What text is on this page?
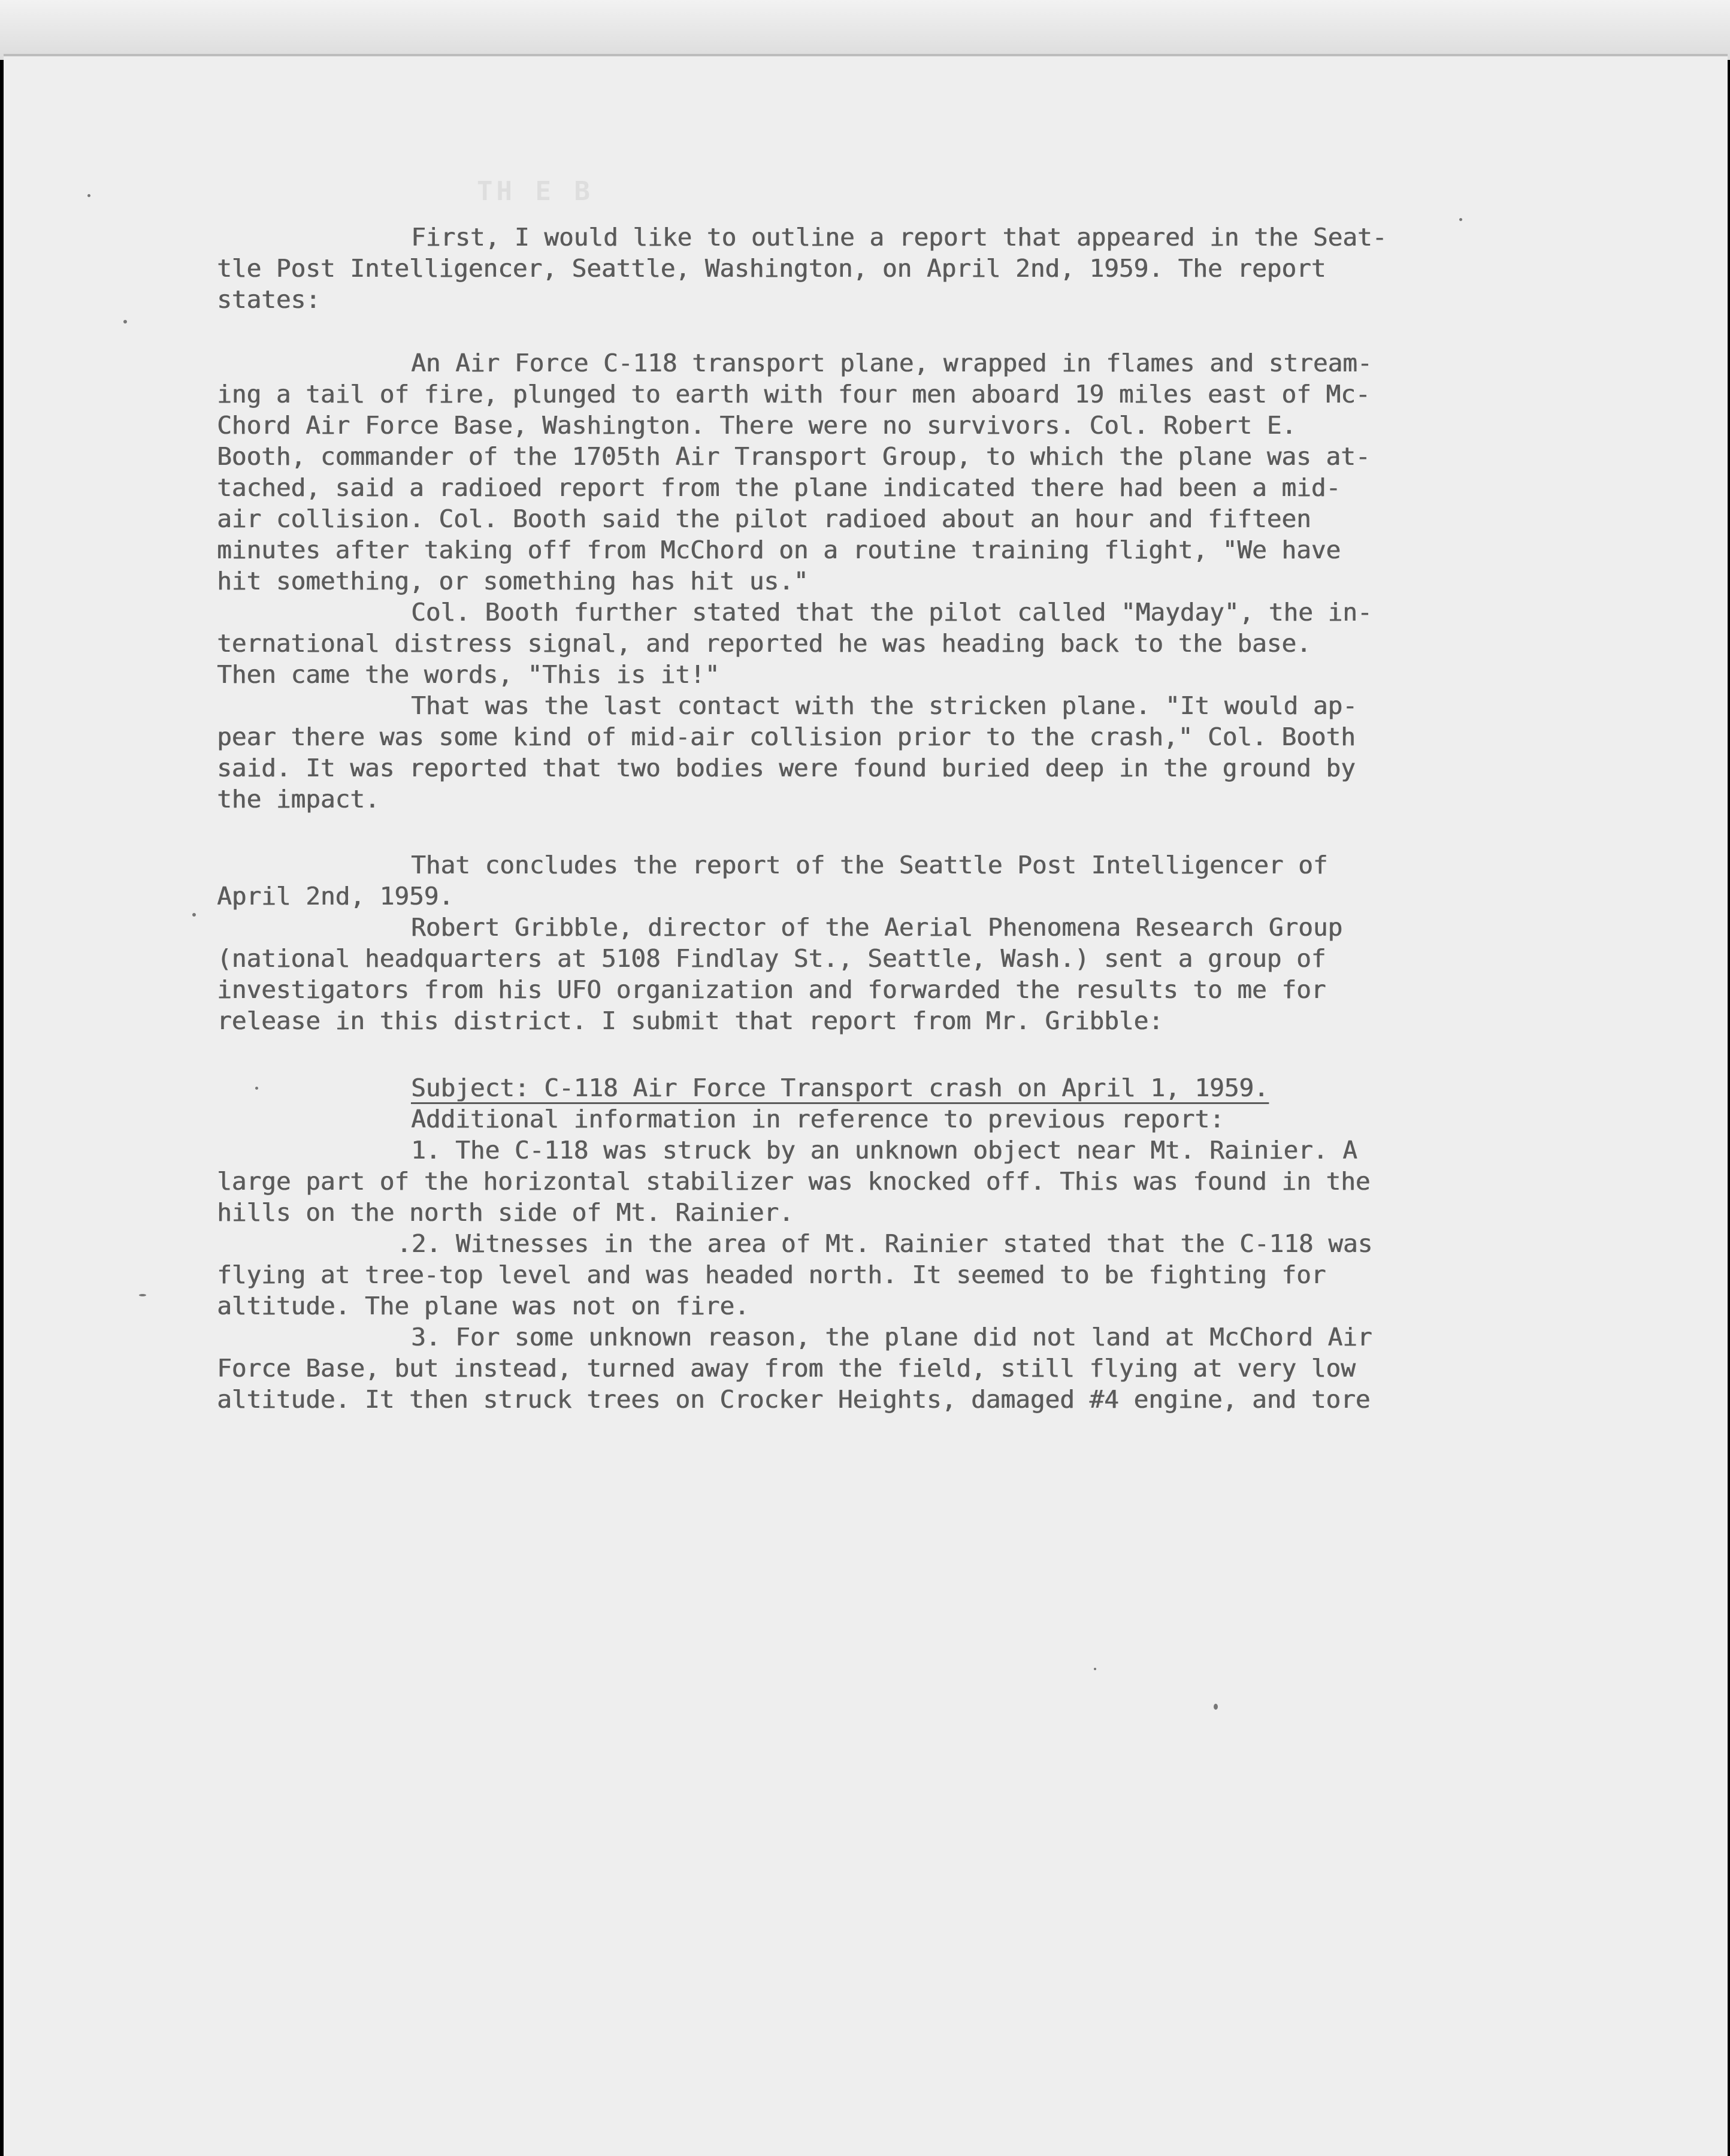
TH E B

First, I would like to outline a report that appeared in the Seat-

tle Post Intelligencer, Seattle, Washington, on April 2nd, 1959. The report

states:

An Air Force C-118 transport plane, wrapped in flames and stream-

ing a tail of fire, plunged to earth with four men aboard 19 miles east of Mc-

Chord Air Force Base, Washington. There were no survivors. Col. Robert E.

Booth, commander of the 1705th Air Transport Group, to which the plane was at-

tached, said a radioed report from the plane indicated there had been a mid-

air collision. Col. Booth said the pilot radioed about an hour and fifteen

minutes after taking off from McChord on a routine training flight, "We have

hit something, or something has hit us."

Col. Booth further stated that the pilot called "Mayday", the in-

ternational distress signal, and reported he was heading back to the base.

Then came the words, "This is it!"

That was the last contact with the stricken plane. "It would ap-

pear there was some kind of mid-air collision prior to the crash," Col. Booth

said. It was reported that two bodies were found buried deep in the ground by

the impact.

That concludes the report of the Seattle Post Intelligencer of

April 2nd, 1959.

Robert Gribble, director of the Aerial Phenomena Research Group

(national headquarters at 5108 Findlay St., Seattle, Wash.) sent a group of

investigators from his UFO organization and forwarded the results to me for

release in this district. I submit that report from Mr. Gribble:

Subject: C-118 Air Force Transport crash on April 1, 1959.

Additional information in reference to previous report:

1. The C-118 was struck by an unknown object near Mt. Rainier. A

large part of the horizontal stabilizer was knocked off. This was found in the

hills on the north side of Mt. Rainier.

.2. Witnesses in the area of Mt. Rainier stated that the C-118 was

flying at tree-top level and was headed north. It seemed to be fighting for

altitude. The plane was not on fire.

3. For some unknown reason, the plane did not land at McChord Air

Force Base, but instead, turned away from the field, still flying at very low

altitude. It then struck trees on Crocker Heights, damaged #4 engine, and tore
